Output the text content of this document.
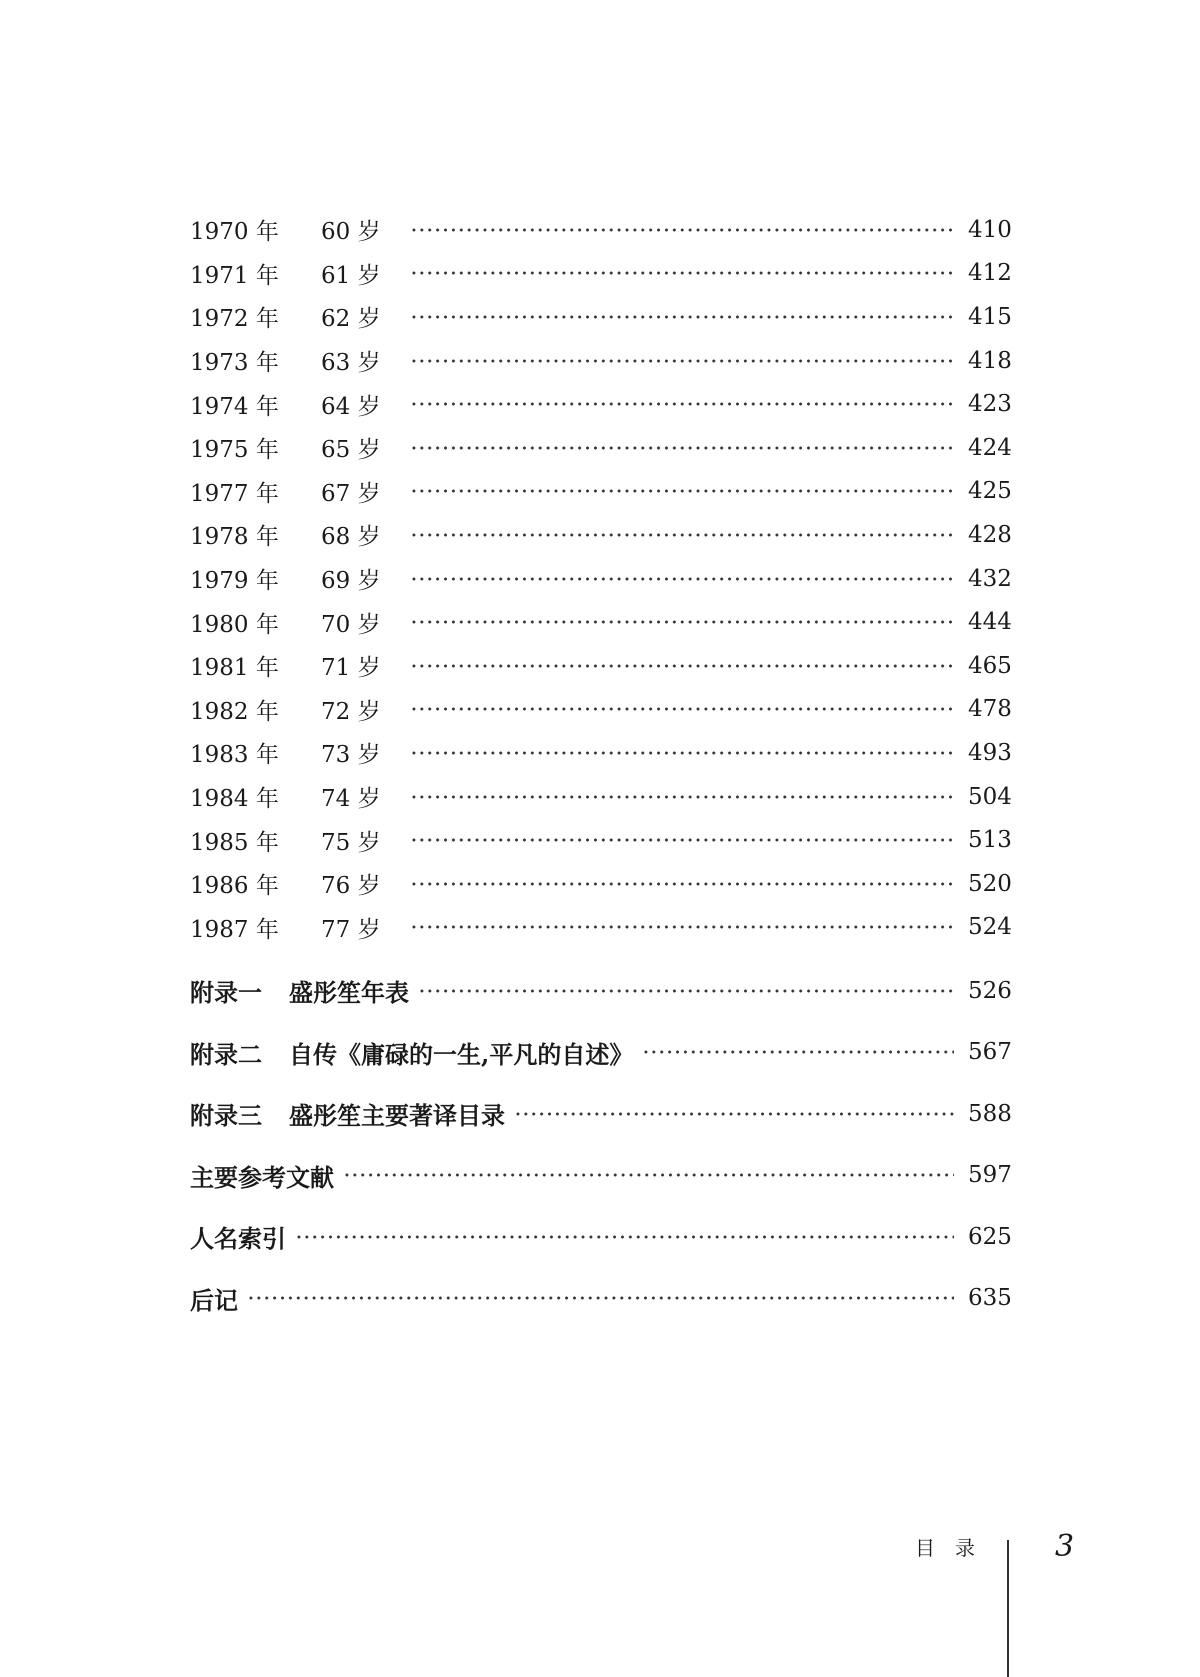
1970 年	60 岁	410
1971 年	61 岁	412
1972 年	62 岁	415
1973 年	63 岁	418
1974 年	64 岁	423
1975 年	65 岁	424
1977 年	67 岁	425
1978 年	68 岁	428
1979 年	69 岁	432
1980 年	70 岁	444
1981 年	71 岁	465
1982 年	72 岁	478
1983 年	73 岁	493
1984 年	74 岁	504
1985 年	75 岁	513
1986 年	76 岁	520
1987 年	77 岁	524
附录一 盛彤笙年表	526
附录二 自传《庸碌的一生,平凡的自述》	567
附录三 盛彤笙主要著译目录	588
主要参考文献	597
人名索引	625
后记	635
目录 3
